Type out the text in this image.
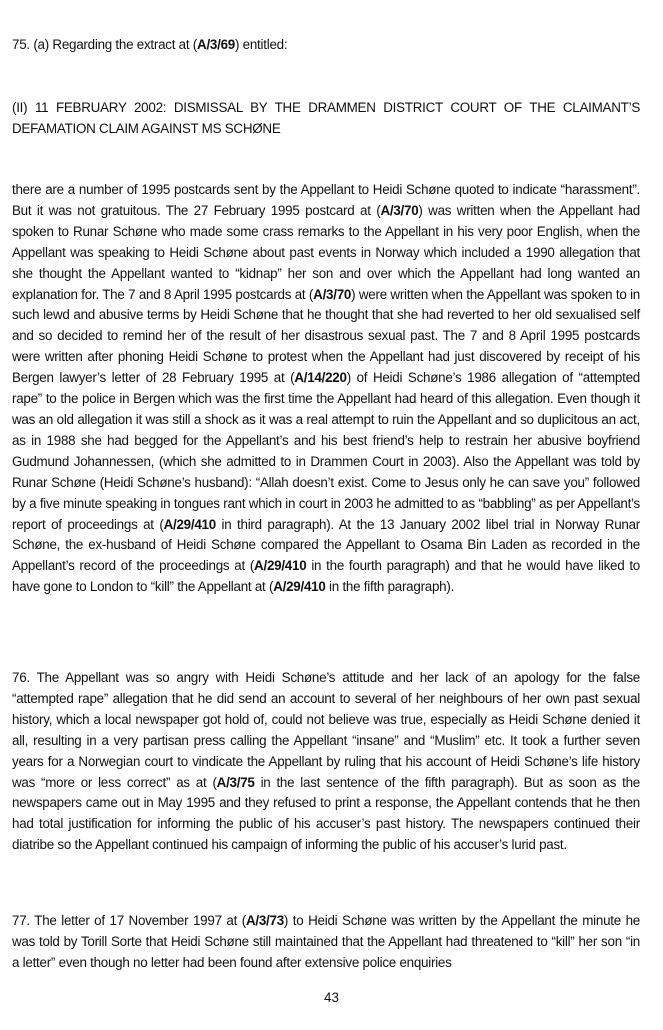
75. (a) Regarding the extract at (A/3/69) entitled:

(II) 11 FEBRUARY 2002: DISMISSAL BY THE DRAMMEN DISTRICT COURT OF THE CLAIMANT’S DEFAMATION CLAIM AGAINST MS SCHØNE

there are a number of 1995 postcards sent by the Appellant to Heidi Schøne quoted to indicate “harassment”. But it was not gratuitous. The 27 February 1995 postcard at (A/3/70) was written when the Appellant had spoken to Runar Schøne who made some crass remarks to the Appellant in his very poor English, when the Appellant was speaking to Heidi Schøne about past events in Norway which included a 1990 allegation that she thought the Appellant wanted to “kidnap” her son and over which the Appellant had long wanted an explanation for. The 7 and 8 April 1995 postcards at (A/3/70) were written when the Appellant was spoken to in such lewd and abusive terms by Heidi Schøne that he thought that she had reverted to her old sexualised self and so decided to remind her of the result of her disastrous sexual past. The 7 and 8 April 1995 postcards were written after phoning Heidi Schøne to protest when the Appellant had just discovered by receipt of his Bergen lawyer’s letter of 28 February 1995 at (A/14/220) of Heidi Schøne’s 1986 allegation of “attempted rape” to the police in Bergen which was the first time the Appellant had heard of this allegation. Even though it was an old allegation it was still a shock as it was a real attempt to ruin the Appellant and so duplicitous an act, as in 1988 she had begged for the Appellant’s and his best friend’s help to restrain her abusive boyfriend Gudmund Johannessen, (which she admitted to in Drammen Court in 2003). Also the Appellant was told by Runar Schøne (Heidi Schøne’s husband): “Allah doesn’t exist. Come to Jesus only he can save you” followed by a five minute speaking in tongues rant which in court in 2003 he admitted to as “babbling” as per Appellant’s report of proceedings at (A/29/410 in third paragraph). At the 13 January 2002 libel trial in Norway Runar Schøne, the ex-husband of Heidi Schøne compared the Appellant to Osama Bin Laden as recorded in the Appellant’s record of the proceedings at (A/29/410 in the fourth paragraph) and that he would have liked to have gone to London to “kill” the Appellant at (A/29/410 in the fifth paragraph).

76. The Appellant was so angry with Heidi Schøne’s attitude and her lack of an apology for the false “attempted rape” allegation that he did send an account to several of her neighbours of her own past sexual history, which a local newspaper got hold of, could not believe was true, especially as Heidi Schøne denied it all, resulting in a very partisan press calling the Appellant “insane” and “Muslim” etc. It took a further seven years for a Norwegian court to vindicate the Appellant by ruling that his account of Heidi Schøne’s life history was “more or less correct” as at (A/3/75 in the last sentence of the fifth paragraph). But as soon as the newspapers came out in May 1995 and they refused to print a response, the Appellant contends that he then had total justification for informing the public of his accuser’s past history. The newspapers continued their diatribe so the Appellant continued his campaign of informing the public of his accuser’s lurid past.

77. The letter of 17 November 1997 at (A/3/73) to Heidi Schøne was written by the Appellant the minute he was told by Torill Sorte that Heidi Schøne still maintained that the Appellant had threatened to “kill” her son “in a letter” even though no letter had been found after extensive police enquiries

43
